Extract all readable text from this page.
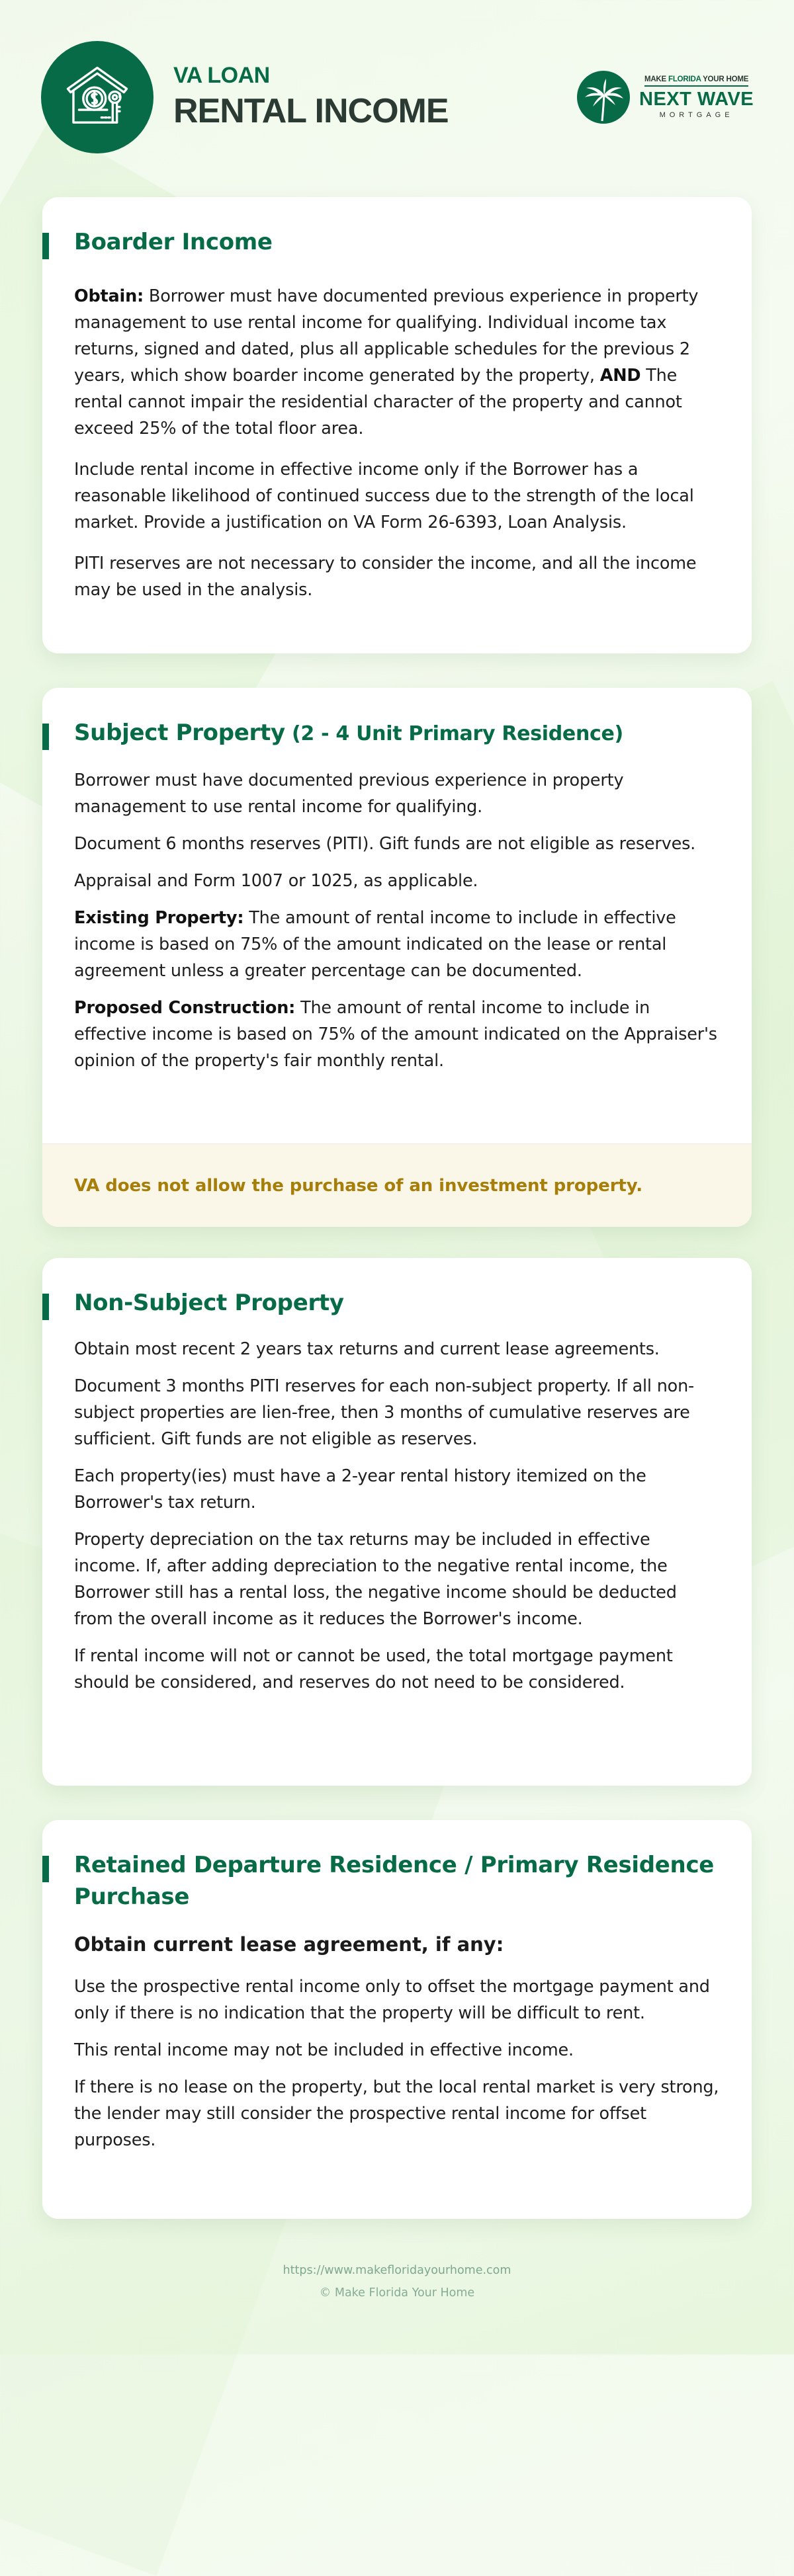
VA LOAN
RENTAL INCOME
MAKE FLORIDA YOUR HOME
NEXT WAVE
MORTGAGE
Boarder Income

Obtain: Borrower must have documented previous experience in property management to use rental income for qualifying. Individual income tax returns, signed and dated, plus all applicable schedules for the previous 2 years, which show boarder income generated by the property, AND The rental cannot impair the residential character of the property and cannot exceed 25% of the total floor area.

Include rental income in effective income only if the Borrower has a reasonable likelihood of continued success due to the strength of the local market. Provide a justification on VA Form 26-6393, Loan Analysis.

PITI reserves are not necessary to consider the income, and all the income may be used in the analysis.

Subject Property (2 - 4 Unit Primary Residence)

Borrower must have documented previous experience in property management to use rental income for qualifying.

Document 6 months reserves (PITI). Gift funds are not eligible as reserves.

Appraisal and Form 1007 or 1025, as applicable.

Existing Property: The amount of rental income to include in effective income is based on 75% of the amount indicated on the lease or rental agreement unless a greater percentage can be documented.

Proposed Construction: The amount of rental income to include in effective income is based on 75% of the amount indicated on the Appraiser's opinion of the property's fair monthly rental.

VA does not allow the purchase of an investment property.
Non-Subject Property

Obtain most recent 2 years tax returns and current lease agreements.

Document 3 months PITI reserves for each non-subject property. If all non-subject properties are lien-free, then 3 months of cumulative reserves are sufficient. Gift funds are not eligible as reserves.

Each property(ies) must have a 2-year rental history itemized on the Borrower's tax return.

Property depreciation on the tax returns may be included in effective income. If, after adding depreciation to the negative rental income, the Borrower still has a rental loss, the negative income should be deducted from the overall income as it reduces the Borrower's income.

If rental income will not or cannot be used, the total mortgage payment should be considered, and reserves do not need to be considered.

Retained Departure Residence / Primary Residence Purchase
Obtain current lease agreement, if any:

Use the prospective rental income only to offset the mortgage payment and only if there is no indication that the property will be difficult to rent.

This rental income may not be included in effective income.

If there is no lease on the property, but the local rental market is very strong, the lender may still consider the prospective rental income for offset purposes.

https://www.makefloridayourhome.com
© Make Florida Your Home
